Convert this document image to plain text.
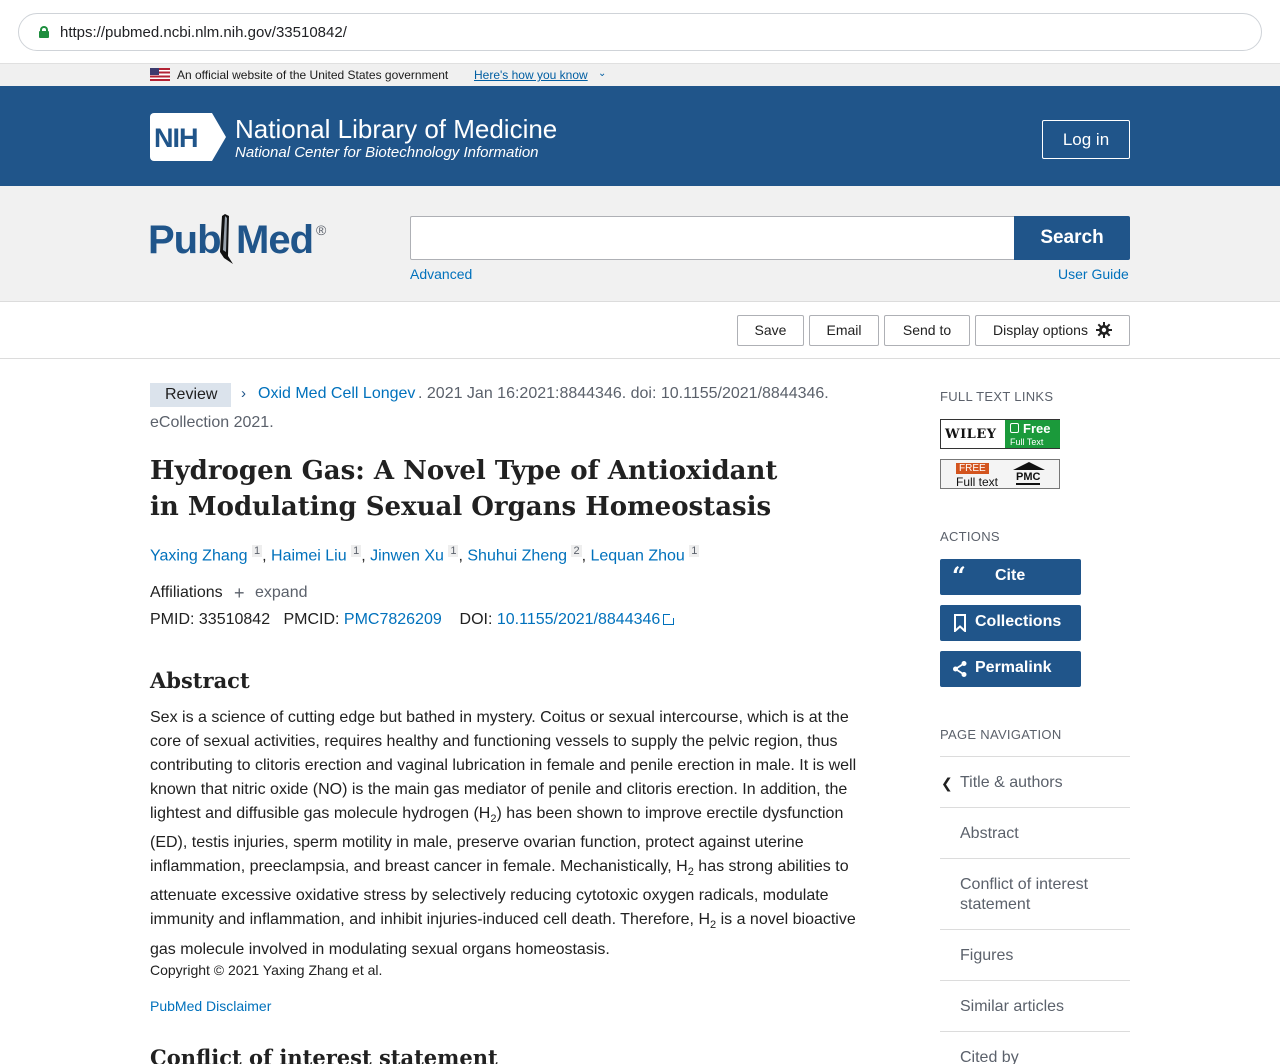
https://pubmed.ncbi.nlm.nih.gov/33510842/
An official website of the United States government Here's how you know ⌄
NIH National Library of Medicine
National Center for Biotechnology Information
Log in
Pub Med ®	Search
Advanced	User Guide
Save	Email	Send to	Display options
Review	› Oxid Med Cell Longev . 2021 Jan 16:2021:8844346. doi: 10.1155/2021/8844346.
eCollection 2021.
Hydrogen Gas: A Novel Type of Antioxidant in Modulating Sexual Organs Homeostasis
Yaxing Zhang $^1$ , Haimei Liu $^1$ , Jinwen Xu $^1$ , Shuhui Zheng $^2$ , Lequan Zhou $^1$
Affiliations + expand
PMID: 33510842 PMCID: PMC7826209 DOI: 10.1155/2021/8844346
Abstract

Sex is a science of cutting edge but bathed in mystery. Coitus or sexual intercourse, which is at the core of sexual activities, requires healthy and functioning vessels to supply the pelvic region, thus contributing to clitoris erection and vaginal lubrication in female and penile erection in male. It is well known that nitric oxide (NO) is the main gas mediator of penile and clitoris erection. In addition, the lightest and diffusible gas molecule hydrogen $(H_2)$ has been shown to improve erectile dysfunction (ED), testis injuries, sperm motility in male, preserve ovarian function, protect against uterine inflammation, preeclampsia, and breast cancer in female. Mechanistically, $H_2$ has strong abilities to attenuate excessive oxidative stress by selectively reducing cytotoxic oxygen radicals, modulate immunity and inflammation, and inhibit injuries-induced cell death. Therefore, $H_2$ is a novel bioactive gas molecule involved in modulating sexual organs homeostasis.

Copyright © 2021 Yaxing Zhang et al.
PubMed Disclaimer
Conflict of interest statement
FULL TEXT LINKS
WILEY Free
Full Text
FREE
Full text PMC
ACTIONS
“ Cite
Collections
Permalink
PAGE NAVIGATION
❮ Title & authors
Abstract
Conflict of interest statement
Figures
Similar articles
Cited by
